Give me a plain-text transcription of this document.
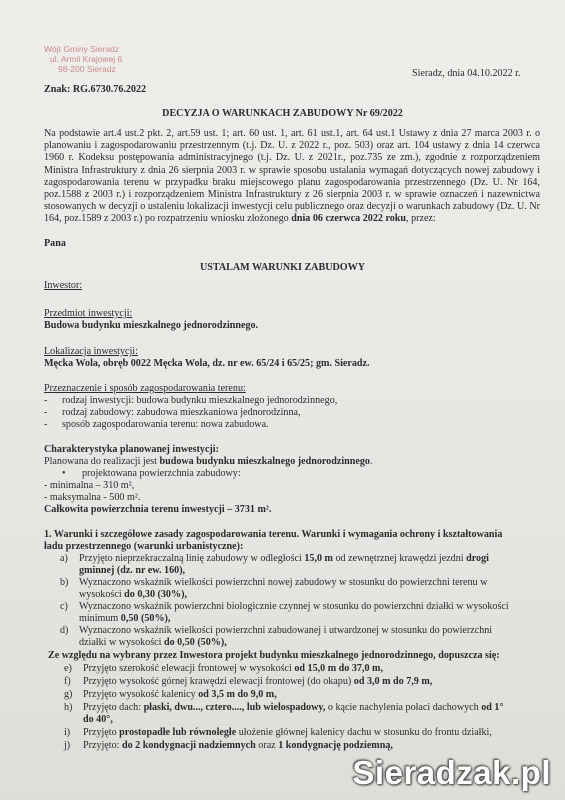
Wójt Gminy Sieradz
ul. Armii Krajowej 6
98-200 Sieradz	Sieradz, dnia 04.10.2022 r.
Znak: RG.6730.76.2022
DECYZJA O WARUNKACH ZABUDOWY Nr 69/2022
Na podstawie art.4 ust.2 pkt. 2, art.59 ust. 1; art. 60 ust. 1, art. 61 ust.1, art. 64 ust.1 Ustawy z dnia 27 marca 2003 r. o planowaniu i zagospodarowaniu przestrzennym (t.j. Dz. U. z 2022 r., poz. 503) oraz art. 104 ustawy z dnia 14 czerwca 1960 r. Kodeksu postępowania administracyjnego (t.j. Dz. U. z 2021r., poz.735 ze zm.), zgodnie z rozporządzeniem Ministra Infrastruktury z dnia 26 sierpnia 2003 r. w sprawie sposobu ustalania wymagań dotyczących nowej zabudowy i zagospodarowania terenu w przypadku braku miejscowego planu zagospodarowania przestrzennego (Dz. U. Nr 164, poz.1588 z 2003 r.) i rozporządzeniem Ministra Infrastruktury z 26 sierpnia 2003 r. w sprawie oznaczeń i nazewnictwa stosowanych w decyzji o ustaleniu lokalizacji inwestycji celu publicznego oraz decyzji o warunkach zabudowy (Dz. U. Nr 164, poz.1589 z 2003 r.) po rozpatrzeniu wniosku złożonego dnia 06 czerwca 2022 roku, przez:
Pana
USTALAM WARUNKI ZABUDOWY
Inwestor:
Przedmiot inwestycji:
Budowa budynku mieszkalnego jednorodzinnego.
Lokalizacja inwestycji:
Męcka Wola, obręb 0022 Męcka Wola, dz. nr ew. 65/24 i 65/25; gm. Sieradz.
Przeznaczenie i sposób zagospodarowania terenu:
- rodzaj inwestycji: budowa budynku mieszkalnego jednorodzinnego,
- rodzaj zabudowy: zabudowa mieszkaniowa jednorodzinna,
- sposób zagospodarowania terenu: nowa zabudowa.
Charakterystyka planowanej inwestycji:
Planowana do realizacji jest budowa budynku mieszkalnego jednorodzinnego.
• projektowana powierzchnia zabudowy:
- minimalna – 310 m²,
- maksymalna - 500 m².
Całkowita powierzchnia terenu inwestycji – 3731 m².
1. Warunki i szczegółowe zasady zagospodarowania terenu. Warunki i wymagania ochrony i kształtowania
ładu przestrzennego (warunki urbanistyczne):
a) Przyjęto nieprzekraczalną linię zabudowy w odległości 15,0 m od zewnętrznej krawędzi jezdni drogi
gminnej (dz. nr ew. 160),
b) Wyznaczono wskaźnik wielkości powierzchni nowej zabudowy w stosunku do powierzchni terenu w
wysokości do 0,30 (30%),
c) Wyznaczono wskaźnik powierzchni biologicznie czynnej w stosunku do powierzchni działki w wysokości
minimum 0,50 (50%),
d) Wyznaczono wskaźnik wielkości powierzchni zabudowanej i utwardzonej w stosunku do powierzchni
działki w wysokości do 0,50 (50%),
Ze względu na wybrany przez Inwestora projekt budynku mieszkalnego jednorodzinnego, dopuszcza się:
e) Przyjęto szerokość elewacji frontowej w wysokości od 15,0 m do 37,0 m,
f) Przyjęto wysokość górnej krawędzi elewacji frontowej (do okapu) od 3,0 m do 7,9 m,
g) Przyjęto wysokość kalenicy od 3,5 m do 9,0 m,
h) Przyjęto dach: płaski, dwu..., cztero...., lub wielospadowy, o kącie nachylenia połaci dachowych od 1°
do 40°,
i) Przyjęto prostopadłe lub równoległe ułożenie głównej kalenicy dachu w stosunku do frontu działki,
j) Przyjęto: do 2 kondygnacji nadziemnych oraz 1 kondygnację podziemną,
Sieradzak.pl
